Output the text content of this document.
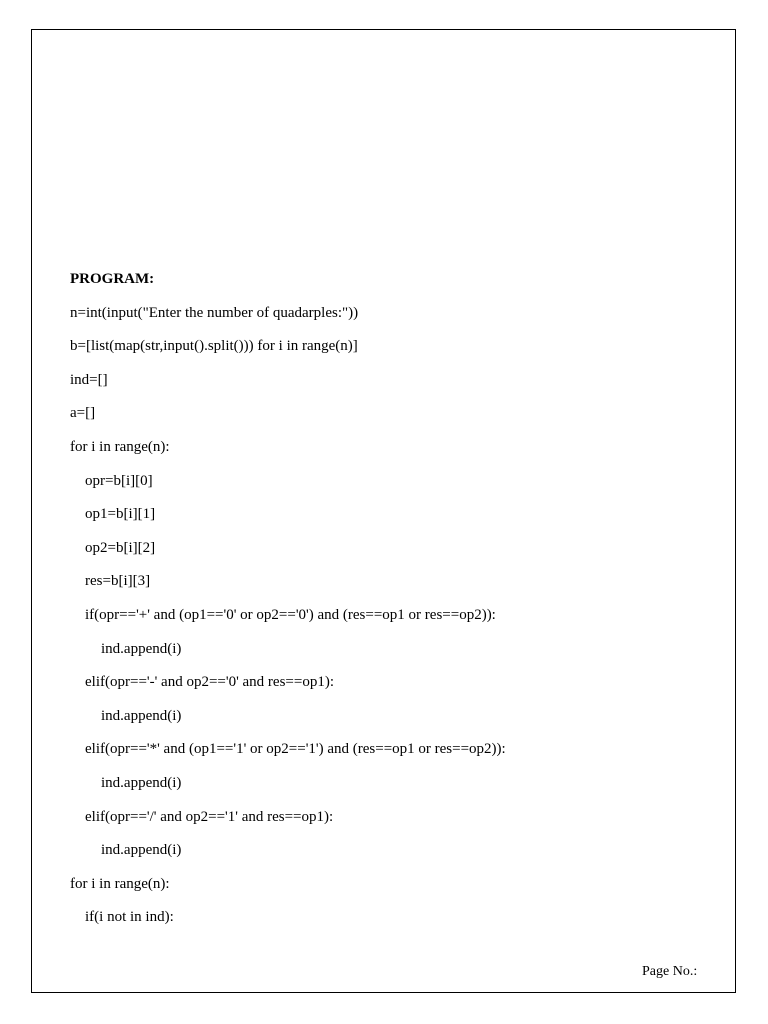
PROGRAM:
n=int(input("Enter the number of quadarples:"))
b=[list(map(str,input().split())) for i in range(n)]
ind=[]
a=[]
for i in range(n):
opr=b[i][0]
op1=b[i][1]
op2=b[i][2]
res=b[i][3]
if(opr=='+' and (op1=='0' or op2=='0') and (res==op1 or res==op2)):
ind.append(i)
elif(opr=='-' and op2=='0' and res==op1):
ind.append(i)
elif(opr=='*' and (op1=='1' or op2=='1') and (res==op1 or res==op2)):
ind.append(i)
elif(opr=='/' and op2=='1' and res==op1):
ind.append(i)
for i in range(n):
if(i not in ind):
Page No.:
